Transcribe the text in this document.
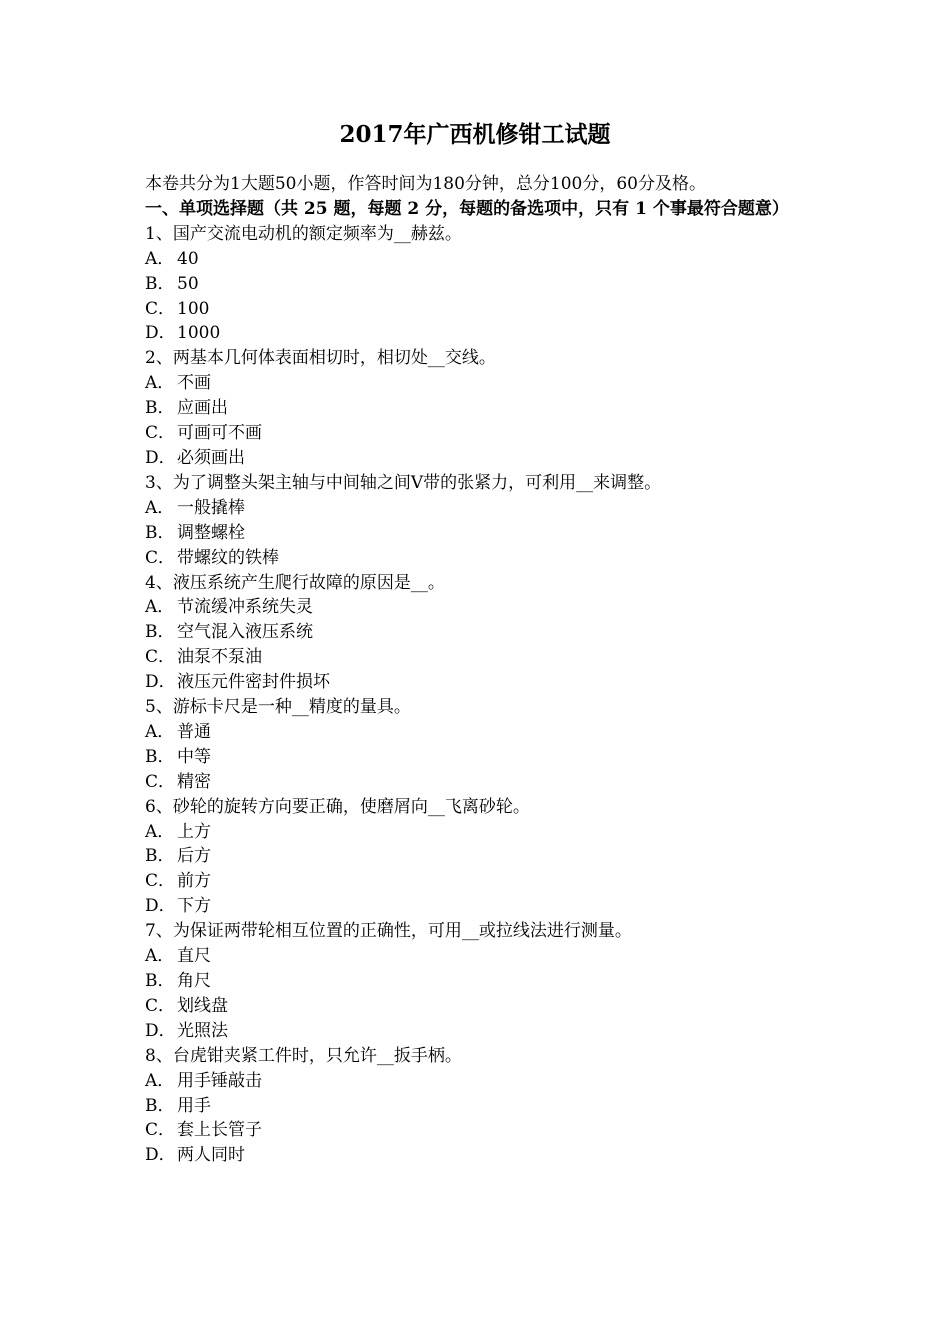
2017年广西机修钳工试题

本卷共分为1大题50小题，作答时间为180分钟，总分100分，60分及格。

一、单项选择题（共 25 题，每题 2 分，每题的备选项中，只有 1 个事最符合题意）

1、国产交流电动机的额定频率为__赫兹。

A． 40

B． 50

C． 100

D．1000

2、两基本几何体表面相切时，相切处__交线。

A． 不画

B． 应画出

C． 可画可不画

D．必须画出

3、为了调整头架主轴与中间轴之间V带的张紧力，可利用__来调整。

A． 一般撬棒

B． 调整螺栓

C． 带螺纹的铁棒

4、液压系统产生爬行故障的原因是__。

A． 节流缓冲系统失灵

B． 空气混入液压系统

C． 油泵不泵油

D．液压元件密封件损坏

5、游标卡尺是一种__精度的量具。

A． 普通

B． 中等

C． 精密

6、砂轮的旋转方向要正确，使磨屑向__飞离砂轮。

A． 上方

B． 后方

C． 前方

D．下方

7、为保证两带轮相互位置的正确性，可用__或拉线法进行测量。

A． 直尺

B． 角尺

C． 划线盘

D．光照法

8、台虎钳夹紧工件时，只允许__扳手柄。

A． 用手锤敲击

B． 用手

C． 套上长管子

D．两人同时
